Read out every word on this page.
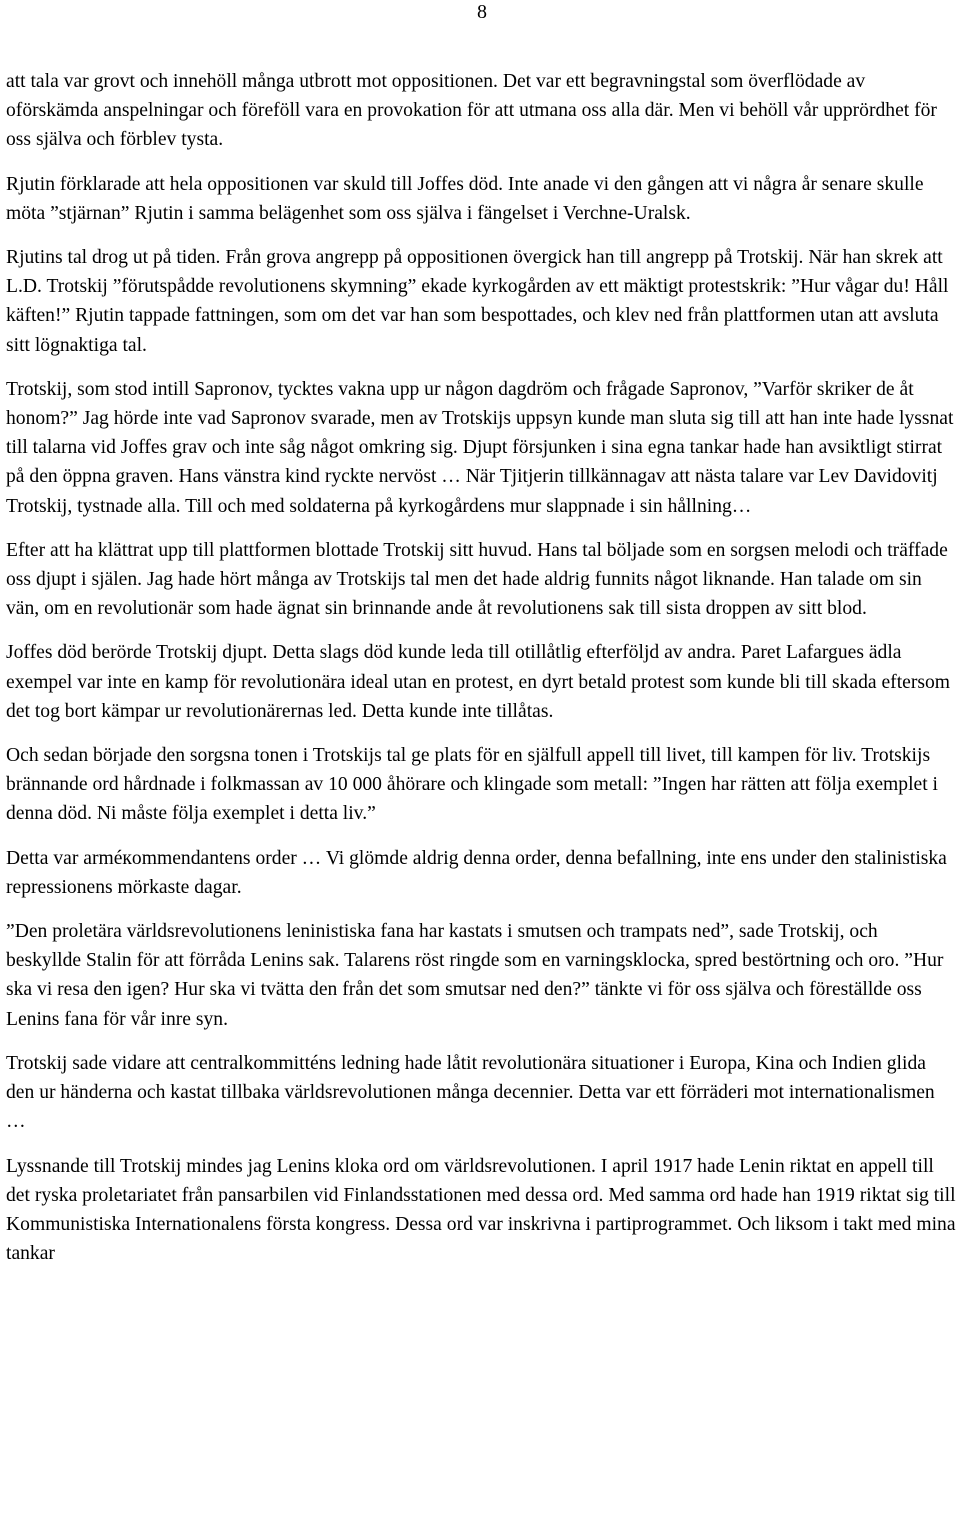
8

att tala var grovt och innehöll många utbrott mot oppositionen. Det var ett begravningstal som överflödade av oförskämda anspelningar och föreföll vara en provokation för att utmana oss alla där. Men vi behöll vår upprördhet för oss själva och förblev tysta.

Rjutin förklarade att hela oppositionen var skuld till Joffes död. Inte anade vi den gången att vi några år senare skulle möta ”stjärnan” Rjutin i samma belägenhet som oss själva i fängelset i Verchne-Uralsk.

Rjutins tal drog ut på tiden. Från grova angrepp på oppositionen övergick han till angrepp på Trotskij. När han skrek att L.D. Trotskij ”förutspådde revolutionens skymning” ekade kyrkogården av ett mäktigt protestskrik: ”Hur vågar du! Håll käften!” Rjutin tappade fattningen, som om det var han som bespottades, och klev ned från plattformen utan att avsluta sitt lögnaktiga tal.

Trotskij, som stod intill Sapronov, tycktes vakna upp ur någon dagdröm och frågade Sapronov, ”Varför skriker de åt honom?” Jag hörde inte vad Sapronov svarade, men av Trotskijs uppsyn kunde man sluta sig till att han inte hade lyssnat till talarna vid Joffes grav och inte såg något omkring sig. Djupt försjunken i sina egna tankar hade han avsiktligt stirrat på den öppna graven. Hans vänstra kind ryckte nervöst … När Tjitjerin tillkännagav att nästa talare var Lev Davidovitj Trotskij, tystnade alla. Till och med soldaterna på kyrkogårdens mur slappnade i sin hållning…

Efter att ha klättrat upp till plattformen blottade Trotskij sitt huvud. Hans tal böljade som en sorgsen melodi och träffade oss djupt i själen. Jag hade hört många av Trotskijs tal men det hade aldrig funnits något liknande. Han talade om sin vän, om en revolutionär som hade ägnat sin brinnande ande åt revolutionens sak till sista droppen av sitt blod.

Joffes död berörde Trotskij djupt. Detta slags död kunde leda till otillåtlig efterföljd av andra. Paret Lafargues ädla exempel var inte en kamp för revolutionära ideal utan en protest, en dyrt betald protest som kunde bli till skada eftersom det tog bort kämpar ur revolutionärernas led. Detta kunde inte tillåtas.

Och sedan började den sorgsna tonen i Trotskijs tal ge plats för en själfull appell till livet, till kampen för liv. Trotskijs brännande ord hårdnade i folkmassan av 10 000 åhörare och klingade som metall: ”Ingen har rätten att följa exemplet i denna död. Ni måste följa exemplet i detta liv.”

Detta var arméкommendantens order … Vi glömde aldrig denna order, denna befallning, inte ens under den stalinistiska repressionens mörkaste dagar.

”Den proletära världsrevolutionens leninistiska fana har kastats i smutsen och trampats ned”, sade Trotskij, och beskyllde Stalin för att förråda Lenins sak. Talarens röst ringde som en varningsklocka, spred bestörtning och oro. ”Hur ska vi resa den igen? Hur ska vi tvätta den från det som smutsar ned den?” tänkte vi för oss själva och föreställde oss Lenins fana för vår inre syn.

Trotskij sade vidare att centralkommitténs ledning hade låtit revolutionära situationer i Europa, Kina och Indien glida den ur händerna och kastat tillbaka världsrevolutionen många decennier. Detta var ett förräderi mot internationalismen …

Lyssnande till Trotskij mindes jag Lenins kloka ord om världsrevolutionen. I april 1917 hade Lenin riktat en appell till det ryska proletariatet från pansarbilen vid Finlandsstationen med dessa ord. Med samma ord hade han 1919 riktat sig till Kommunistiska Internationalens första kongress. Dessa ord var inskrivna i partiprogrammet. Och liksom i takt med mina tankar
